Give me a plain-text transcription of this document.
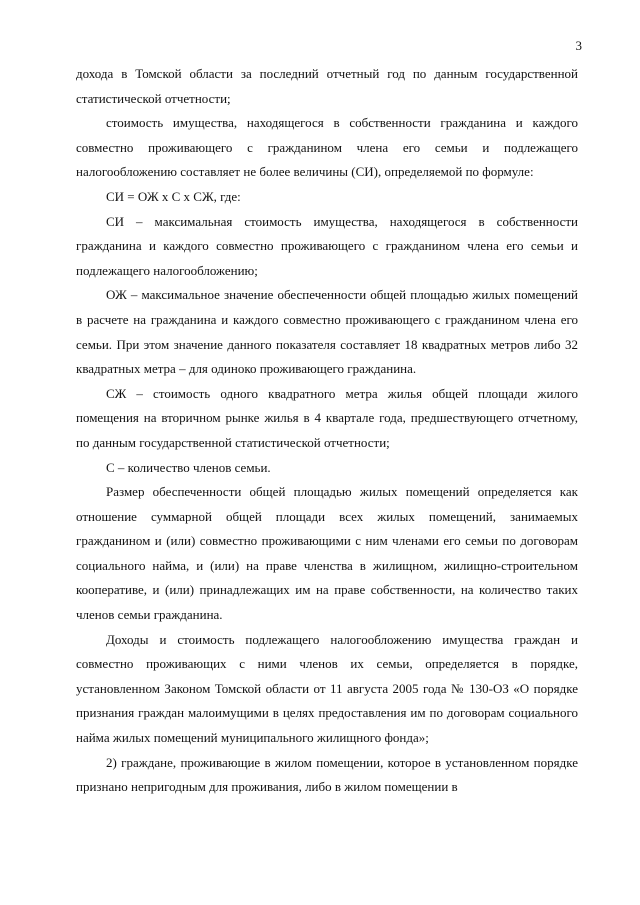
3

дохода в Томской области за последний отчетный год по данным государственной статистической отчетности;

стоимость имущества, находящегося в собственности гражданина и каждого совместно проживающего с гражданином члена его семьи и подлежащего налогообложению составляет не более величины (СИ), определяемой по формуле:

СИ = ОЖ x С x СЖ, где:

СИ – максимальная стоимость имущества, находящегося в собственности гражданина и каждого совместно проживающего с гражданином члена его семьи и подлежащего налогообложению;

ОЖ – максимальное значение обеспеченности общей площадью жилых помещений в расчете на гражданина и каждого совместно проживающего с гражданином члена его семьи. При этом значение данного показателя составляет 18 квадратных метров либо 32 квадратных метра – для одиноко проживающего гражданина.

СЖ – стоимость одного квадратного метра жилья общей площади жилого помещения на вторичном рынке жилья в 4 квартале года, предшествующего отчетному, по данным государственной статистической отчетности;

С – количество членов семьи.

Размер обеспеченности общей площадью жилых помещений определяется как отношение суммарной общей площади всех жилых помещений, занимаемых гражданином и (или) совместно проживающими с ним членами его семьи по договорам социального найма, и (или) на праве членства в жилищном, жилищно-строительном кооперативе, и (или) принадлежащих им на праве собственности, на количество таких членов семьи гражданина.

Доходы и стоимость подлежащего налогообложению имущества граждан и совместно проживающих с ними членов их семьи, определяется в порядке, установленном Законом Томской области от 11 августа 2005 года № 130-ОЗ «О порядке признания граждан малоимущими в целях предоставления им по договорам социального найма жилых помещений муниципального жилищного фонда»;

2) граждане, проживающие в жилом помещении, которое в установленном порядке признано непригодным для проживания, либо в жилом помещении в
